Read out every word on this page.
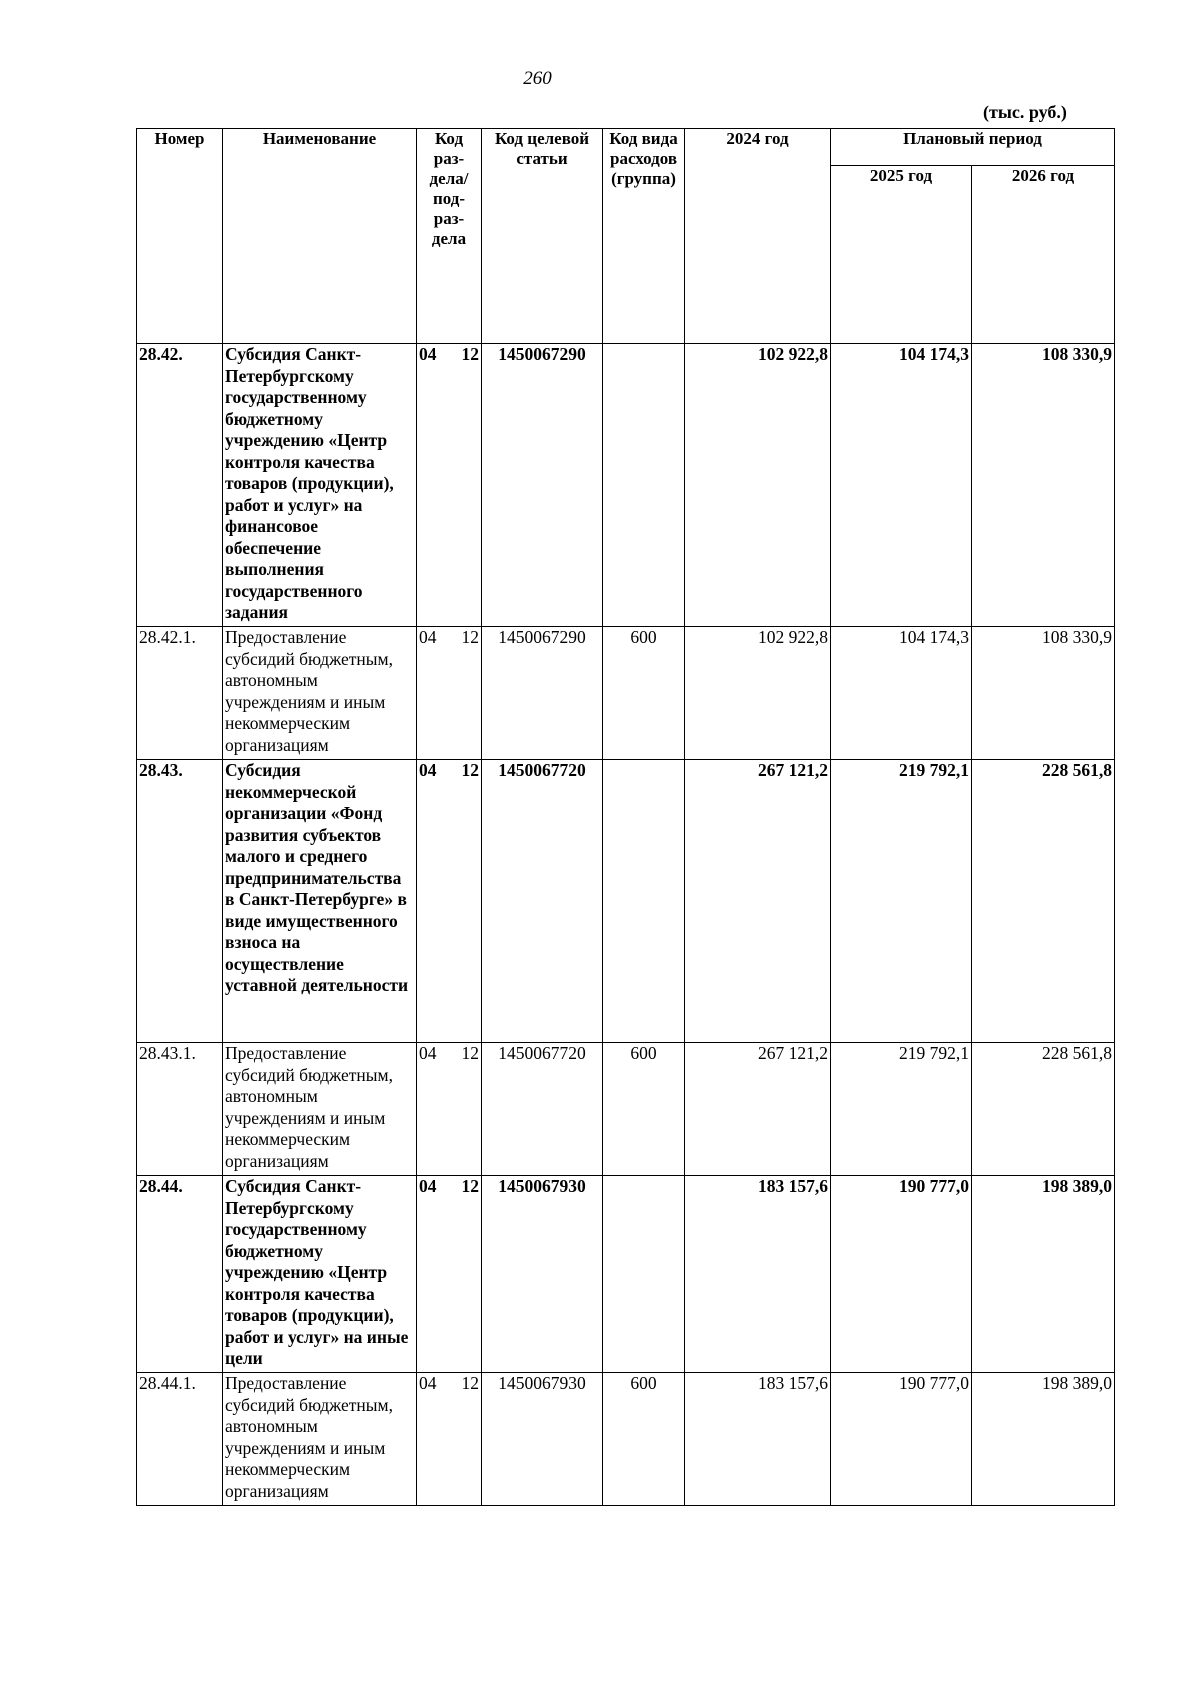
260
(тыс. руб.)
Номер	Наименование	Код раз-дела/ под-раз-дела	Код целевой статьи	Код вида расходов (группа)	2024 год	Плановый период	
						2025 год	2026 год
28.42.	Субсидия Санкт-Петербургскому государственному бюджетному учреждению «Центр контроля качества товаров (продукции), работ и услуг» на финансовое обеспечение выполнения государственного задания	04 12	1450067290		102 922,8	104 174,3	108 330,9
28.42.1.	Предоставление субсидий бюджетным, автономным учреждениям и иным некоммерческим организациям	04 12	1450067290	600	102 922,8	104 174,3	108 330,9
28.43.	Субсидия некоммерческой организации «Фонд развития субъектов малого и среднего предпринимательства в Санкт-Петербурге» в виде имущественного взноса на осуществление уставной деятельности	04 12	1450067720		267 121,2	219 792,1	228 561,8
28.43.1.	Предоставление субсидий бюджетным, автономным учреждениям и иным некоммерческим организациям	04 12	1450067720	600	267 121,2	219 792,1	228 561,8
28.44.	Субсидия Санкт-Петербургскому государственному бюджетному учреждению «Центр контроля качества товаров (продукции), работ и услуг» на иные цели	04 12	1450067930		183 157,6	190 777,0	198 389,0
28.44.1.	Предоставление субсидий бюджетным, автономным учреждениям и иным некоммерческим организациям	04 12	1450067930	600	183 157,6	190 777,0	198 389,0
